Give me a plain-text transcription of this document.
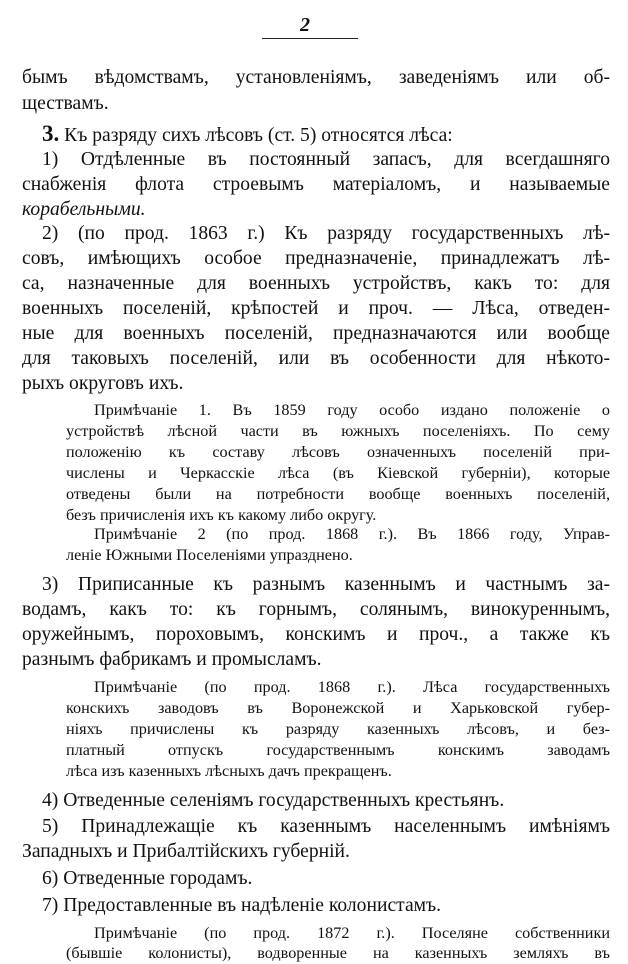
2
бымъ вѣдомствамъ, установленіямъ, заведеніямъ или об-
ществамъ.
3. Къ разряду сихъ лѣсовъ (ст. 5) относятся лѣса:
1) Отдѣленные въ постоянный запасъ, для всегдашняго
снабженія флота строевымъ матеріаломъ, и называемые
корабельными.
2) (по прод. 1863 г.) Къ разряду государственныхъ лѣ-
совъ, имѣющихъ особое предназначеніе, принадлежатъ лѣ-
са, назначенные для военныхъ устройствъ, какъ то: для
военныхъ поселеній, крѣпостей и проч. — Лѣса, отведен-
ные для военныхъ поселеній, предназначаются или вообще
для таковыхъ поселеній, или въ особенности для нѣкото-
рыхъ округовъ ихъ.
Примѣчаніе 1. Въ 1859 году особо издано положеніе о
устройствѣ лѣсной части въ южныхъ поселеніяхъ. По сему
положенію къ составу лѣсовъ означенныхъ поселеній при-
числены и Черкасскіе лѣса (въ Кіевской губерніи), которые
отведены были на потребности вообще военныхъ поселеній,
безъ причисленія ихъ къ какому либо округу.
Примѣчаніе 2 (по прод. 1868 г.). Въ 1866 году, Управ-
леніе Южными Поселеніями упразднено.
3) Приписанные къ разнымъ казеннымъ и частнымъ за-
водамъ, какъ то: къ горнымъ, солянымъ, винокуреннымъ,
оружейнымъ, пороховымъ, конскимъ и проч., а также къ
разнымъ фабрикамъ и промысламъ.
Примѣчаніе (по прод. 1868 г.). Лѣса государственныхъ
конскихъ заводовъ въ Воронежской и Харьковской губер-
ніяхъ причислены къ разряду казенныхъ лѣсовъ, и без-
платный отпускъ государственнымъ конскимъ заводамъ
лѣса изъ казенныхъ лѣсныхъ дачъ прекращенъ.
4) Отведенные селеніямъ государственныхъ крестьянъ.
5) Принадлежащіе къ казеннымъ населеннымъ имѣніямъ
Западныхъ и Прибалтійскихъ губерній.
6) Отведенные городамъ.
7) Предоставленные въ надѣленіе колонистамъ.
Примѣчаніе (по прод. 1872 г.). Поселяне собственники
(бывшіе колонисты), водворенные на казенныхъ земляхъ въ
